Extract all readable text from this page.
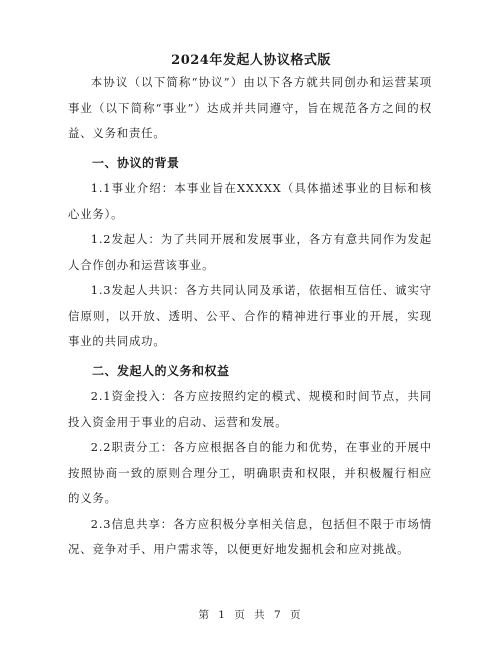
2024年发起人协议格式版

本协议（以下简称“协议”）由以下各方就共同创办和运营某项事业（以下简称“事业”）达成并共同遵守，旨在规范各方之间的权益、义务和责任。

一、协议的背景

1.1事业介绍：本事业旨在XXXXX（具体描述事业的目标和核心业务）。

1.2发起人：为了共同开展和发展事业，各方有意共同作为发起人合作创办和运营该事业。

1.3发起人共识：各方共同认同及承诺，依据相互信任、诚实守信原则，以开放、透明、公平、合作的精神进行事业的开展，实现事业的共同成功。

二、发起人的义务和权益

2.1资金投入：各方应按照约定的模式、规模和时间节点，共同投入资金用于事业的启动、运营和发展。

2.2职责分工：各方应根据各自的能力和优势，在事业的开展中按照协商一致的原则合理分工，明确职责和权限，并积极履行相应的义务。

2.3信息共享：各方应积极分享相关信息，包括但不限于市场情况、竞争对手、用户需求等，以便更好地发掘机会和应对挑战。

第 1 页 共 7 页
